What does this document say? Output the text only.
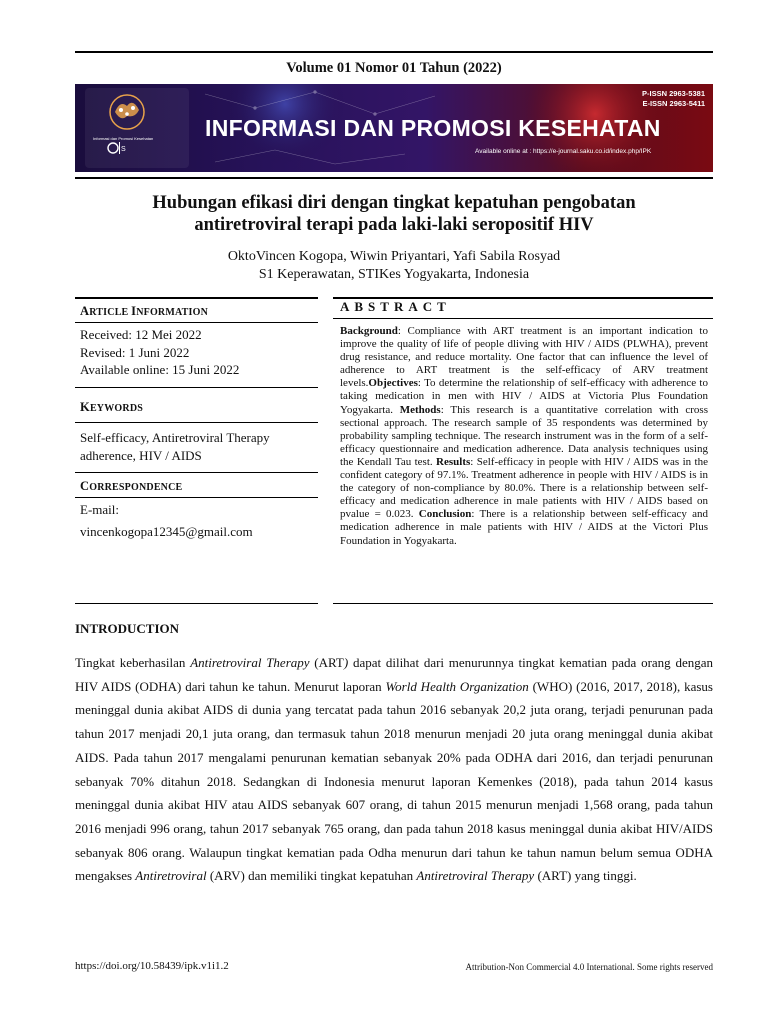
Volume 01 Nomor 01 Tahun (2022)
Informasi dan Promosi Kesehatan
S
INFORMASI DAN PROMOSI KESEHATAN
Available online at : https://e-journal.saku.co.id/index.php/IPK
P-ISSN 2963-5381
E-ISSN 2963-5411
Hubungan efikasi diri dengan tingkat kepatuhan pengobatan
antiretroviral terapi pada laki-laki seropositif HIV
OktoVincen Kogopa, Wiwin Priyantari, Yafi Sabila Rosyad
S1 Keperawatan, STIKes Yogyakarta, Indonesia
ARTICLE INFORMATION
Received: 12 Mei 2022
Revised: 1 Juni 2022
Available online: 15 Juni 2022
KEYWORDS
Self-efficacy, Antiretroviral Therapy
adherence, HIV / AIDS
CORRESPONDENCE
E-mail:
vincenkogopa12345@gmail.com
ABSTRACT
Background: Compliance with ART treatment is an important indication to improve the quality of life of people dliving with HIV / AIDS (PLWHA), prevent drug resistance, and reduce mortality. One factor that can influence the level of adherence to ART treatment is the self-efficacy of ARV treatment levels.Objectives: To determine the relationship of self-efficacy with adherence to taking medication in men with HIV / AIDS at Victoria Plus Foundation Yogyakarta. Methods: This research is a quantitative correlation with cross sectional approach. The research sample of 35 respondents was determined by probability sampling technique. The research instrument was in the form of a self-efficacy questionnaire and medication adherence. Data analysis techniques using the Kendall Tau test. Results: Self-efficacy in people with HIV / AIDS was in the confident category of 97.1%. Treatment adherence in people with HIV / AIDS is in the category of non-compliance by 80.0%. There is a relationship between self-efficacy and medication adherence in male patients with HIV / AIDS based on pvalue = 0.023. Conclusion: There is a relationship between self-efficacy and medication adherence in male patients with HIV / AIDS at the Victori Plus Foundation in Yogyakarta.
INTRODUCTION
Tingkat keberhasilan Antiretroviral Therapy (ART) dapat dilihat dari menurunnya tingkat kematian pada orang dengan HIV AIDS (ODHA) dari tahun ke tahun. Menurut laporan World Health Organization (WHO) (2016, 2017, 2018), kasus meninggal dunia akibat AIDS di dunia yang tercatat pada tahun 2016 sebanyak 20,2 juta orang, terjadi penurunan pada tahun 2017 menjadi 20,1 juta orang, dan termasuk tahun 2018 menurun menjadi 20 juta orang meninggal dunia akibat AIDS. Pada tahun 2017 mengalami penurunan kematian sebanyak 20% pada ODHA dari 2016, dan terjadi penurunan sebanyak 70% ditahun 2018. Sedangkan di Indonesia menurut laporan Kemenkes (2018), pada tahun 2014 kasus meninggal dunia akibat HIV atau AIDS sebanyak 607 orang, di tahun 2015 menurun menjadi 1,568 orang, pada tahun 2016 menjadi 996 orang, tahun 2017 sebanyak 765 orang, dan pada tahun 2018 kasus meninggal dunia akibat HIV/AIDS sebanyak 806 orang. Walaupun tingkat kematian pada Odha menurun dari tahun ke tahun namun belum semua ODHA mengakses Antiretroviral (ARV) dan memiliki tingkat kepatuhan Antiretroviral Therapy (ART) yang tinggi.
https://doi.org/10.58439/ipk.v1i1.2	Attribution-Non Commercial 4.0 International. Some rights reserved
